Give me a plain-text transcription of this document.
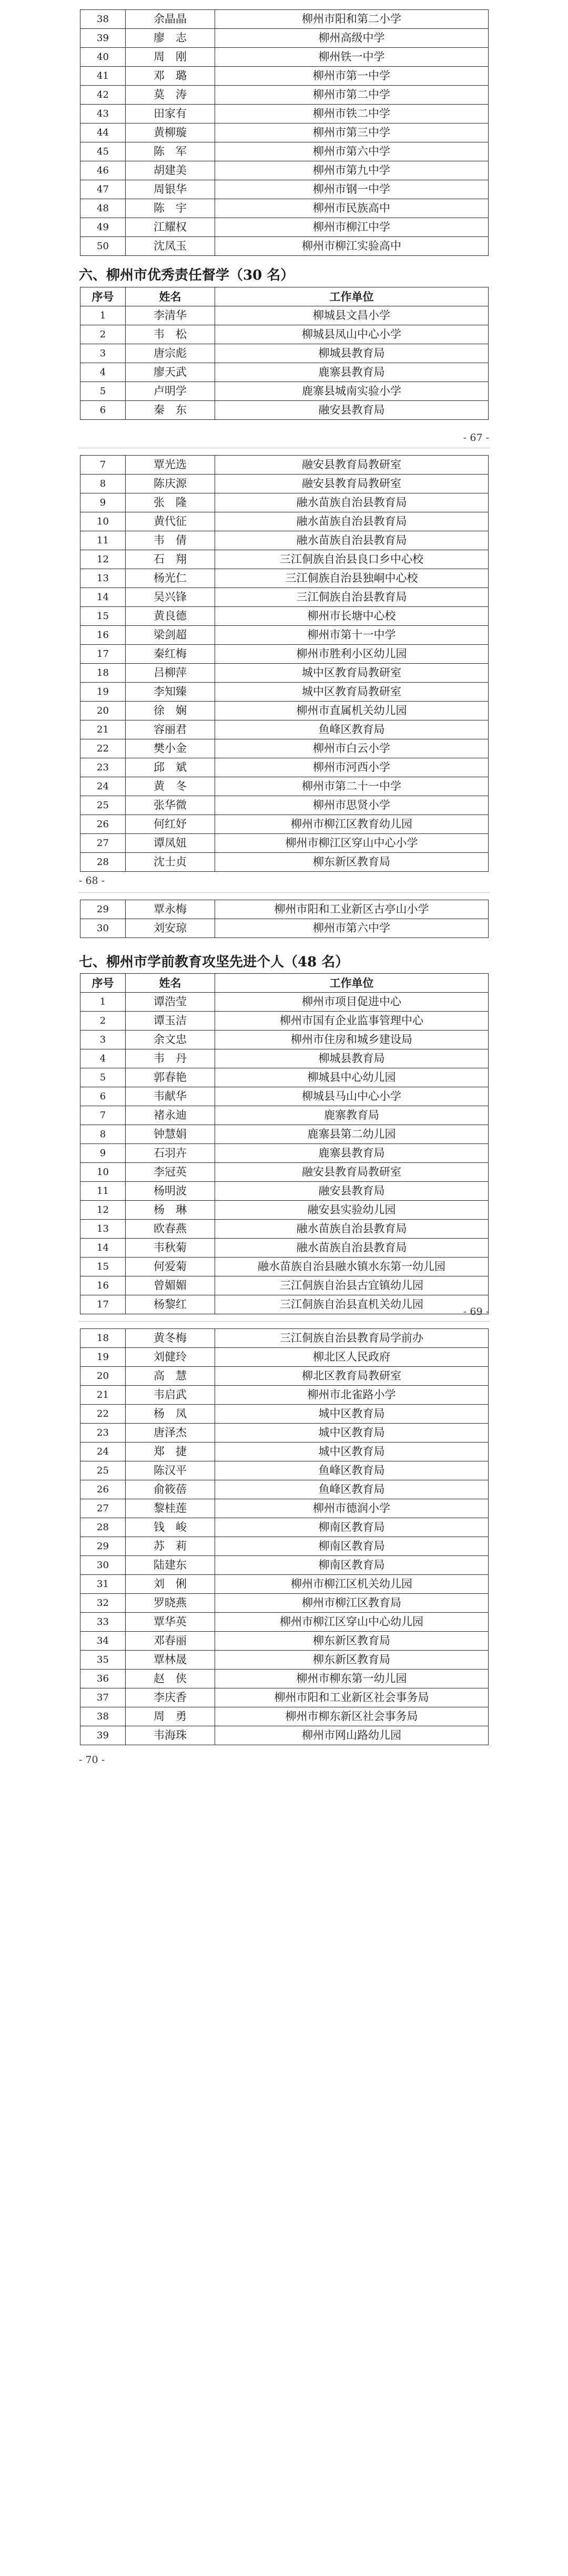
38	余晶晶	柳州市阳和第二小学
39	廖　志	柳州高级中学
40	周　刚	柳州铁一中学
41	邓　璐	柳州市第一中学
42	莫　涛	柳州市第二中学
43	田家有	柳州市铁二中学
44	黄柳璇	柳州市第三中学
45	陈　军	柳州市第六中学
46	胡建美	柳州市第九中学
47	周银华	柳州市钢一中学
48	陈　宇	柳州市民族高中
49	江耀权	柳州市柳江中学
50	沈凤玉	柳州市柳江实验高中
六、柳州市优秀责任督学（30 名）
序号	姓名	工作单位
1	李清华	柳城县文昌小学
2	韦　松	柳城县凤山中心小学
3	唐宗彪	柳城县教育局
4	廖天武	鹿寨县教育局
5	卢明学	鹿寨县城南实验小学
6	秦　东	融安县教育局
- 67 -
7	覃光选	融安县教育局教研室
8	陈庆源	融安县教育局教研室
9	张　隆	融水苗族自治县教育局
10	黄代征	融水苗族自治县教育局
11	韦　倩	融水苗族自治县教育局
12	石　翔	三江侗族自治县良口乡中心校
13	杨光仁	三江侗族自治县独峒中心校
14	吴兴锋	三江侗族自治县教育局
15	黄良德	柳州市长塘中心校
16	梁剑超	柳州市第十一中学
17	秦红梅	柳州市胜利小区幼儿园
18	吕柳萍	城中区教育局教研室
19	李知臻	城中区教育局教研室
20	徐　娴	柳州市直属机关幼儿园
21	容丽君	鱼峰区教育局
22	樊小金	柳州市白云小学
23	邱　斌	柳州市河西小学
24	黄　冬	柳州市第二十一中学
25	张华微	柳州市思贤小学
26	何红妤	柳州市柳江区教育幼儿园
27	谭凤妞	柳州市柳江区穿山中心小学
28	沈士贞	柳东新区教育局
- 68 -
29	覃永梅	柳州市阳和工业新区古亭山小学
30	刘安琼	柳州市第六中学
七、柳州市学前教育攻坚先进个人（48 名）
序号	姓名	工作单位
1	谭浩莹	柳州市项目促进中心
2	谭玉洁	柳州市国有企业监事管理中心
3	余文忠	柳州市住房和城乡建设局
4	韦　丹	柳城县教育局
5	郭春艳	柳城县中心幼儿园
6	韦献华	柳城县马山中心小学
7	褚永迪	鹿寨教育局
8	钟慧娟	鹿寨县第二幼儿园
9	石羽卉	鹿寨县教育局
10	李冠英	融安县教育局教研室
11	杨明波	融安县教育局
12	杨　琳	融安县实验幼儿园
13	欧春燕	融水苗族自治县教育局
14	韦秋菊	融水苗族自治县教育局
15	何爱菊	融水苗族自治县融水镇水东第一幼儿园
16	曾媚媚	三江侗族自治县古宜镇幼儿园
17	杨黎红	三江侗族自治县直机关幼儿园
- 69 -
18	黄冬梅	三江侗族自治县教育局学前办
19	刘健玲	柳北区人民政府
20	高　慧	柳北区教育局教研室
21	韦启武	柳州市北雀路小学
22	杨　凤	城中区教育局
23	唐泽杰	城中区教育局
24	郑　捷	城中区教育局
25	陈汉平	鱼峰区教育局
26	俞筱蓓	鱼峰区教育局
27	黎桂莲	柳州市德润小学
28	钱　峻	柳南区教育局
29	苏　莉	柳南区教育局
30	陆建东	柳南区教育局
31	刘　俐	柳州市柳江区机关幼儿园
32	罗晓燕	柳州市柳江区教育局
33	覃华英	柳州市柳江区穿山中心幼儿园
34	邓春丽	柳东新区教育局
35	覃林晟	柳东新区教育局
36	赵　侠	柳州市柳东第一幼儿园
37	李庆香	柳州市阳和工业新区社会事务局
38	周　勇	柳州市柳东新区社会事务局
39	韦海珠	柳州市网山路幼儿园
- 70 -
